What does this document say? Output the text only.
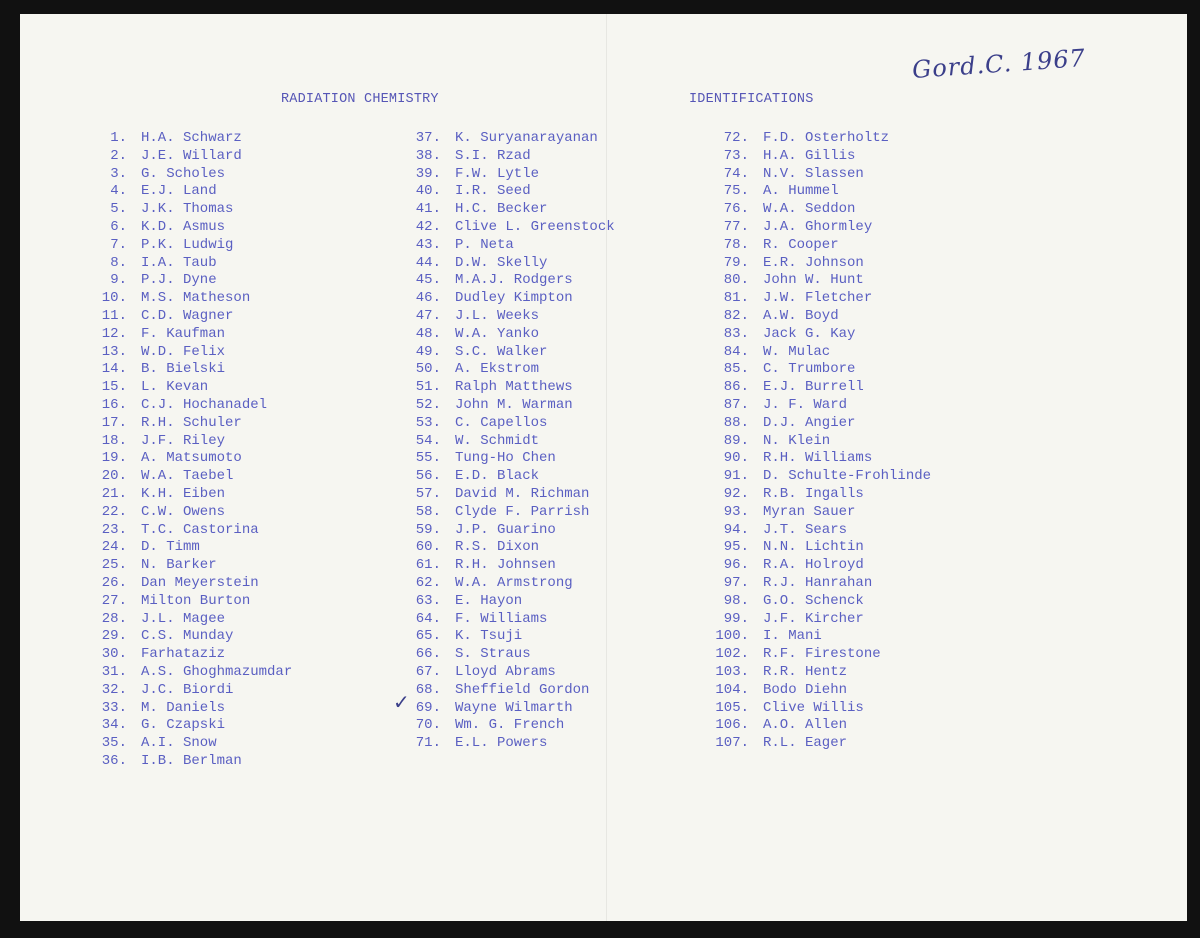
Gord.C. 1967
RADIATION CHEMISTRY	IDENTIFICATIONS
1. H.A. Schwarz
2. J.E. Willard
3. G. Scholes
4. E.J. Land
5. J.K. Thomas
6. K.D. Asmus
7. P.K. Ludwig
8. I.A. Taub
9. P.J. Dyne
10. M.S. Matheson
11. C.D. Wagner
12. F. Kaufman
13. W.D. Felix
14. B. Bielski
15. L. Kevan
16. C.J. Hochanadel
17. R.H. Schuler
18. J.F. Riley
19. A. Matsumoto
20. W.A. Taebel
21. K.H. Eiben
22. C.W. Owens
23. T.C. Castorina
24. D. Timm
25. N. Barker
26. Dan Meyerstein
27. Milton Burton
28. J.L. Magee
29. C.S. Munday
30. Farhataziz
31. A.S. Ghoghmazumdar
32. J.C. Biordi
33. M. Daniels
34. G. Czapski
35. A.I. Snow
36. I.B. Berlman
37. K. Suryanarayanan
38. S.I. Rzad
39. F.W. Lytle
40. I.R. Seed
41. H.C. Becker
42. Clive L. Greenstock
43. P. Neta
44. D.W. Skelly
45. M.A.J. Rodgers
46. Dudley Kimpton
47. J.L. Weeks
48. W.A. Yanko
49. S.C. Walker
50. A. Ekstrom
51. Ralph Matthews
52. John M. Warman
53. C. Capellos
54. W. Schmidt
55. Tung-Ho Chen
56. E.D. Black
57. David M. Richman
58. Clyde F. Parrish
59. J.P. Guarino
60. R.S. Dixon
61. R.H. Johnsen
62. W.A. Armstrong
63. E. Hayon
64. F. Williams
65. K. Tsuji
66. S. Straus
67. Lloyd Abrams
68. Sheffield Gordon
69. Wayne Wilmarth
70. Wm. G. French
71. E.L. Powers
72. F.D. Osterholtz
73. H.A. Gillis
74. N.V. Slassen
75. A. Hummel
76. W.A. Seddon
77. J.A. Ghormley
78. R. Cooper
79. E.R. Johnson
80. John W. Hunt
81. J.W. Fletcher
82. A.W. Boyd
83. Jack G. Kay
84. W. Mulac
85. C. Trumbore
86. E.J. Burrell
87. J. F. Ward
88. D.J. Angier
89. N. Klein
90. R.H. Williams
91. D. Schulte-Frohlinde
92. R.B. Ingalls
93. Myran Sauer
94. J.T. Sears
95. N.N. Lichtin
96. R.A. Holroyd
97. R.J. Hanrahan
98. G.O. Schenck
99. J.F. Kircher
100. I. Mani
102. R.F. Firestone
103. R.R. Hentz
104. Bodo Diehn
105. Clive Willis
106. A.O. Allen
107. R.L. Eager
✓
